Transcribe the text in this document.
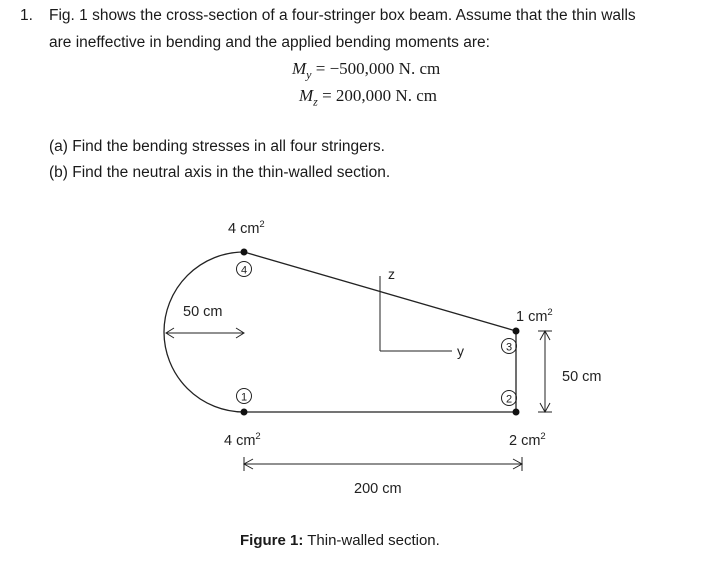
1. Fig. 1 shows the cross-section of a four-stringer box beam. Assume that the thin walls
are ineffective in bending and the applied bending moments are:
$M_y = -500,000$ N. cm
$M_z = 200,000$ N. cm
(a) Find the bending stresses in all four stringers.
(b) Find the neutral axis in the thin-walled section.
4
3
2
1
4 $cm^2$
1 $cm^2$
4 $cm^2$	2 $cm^2$
50 cm
z
y
50 cm
200 cm
Figure 1: Thin-walled section.
